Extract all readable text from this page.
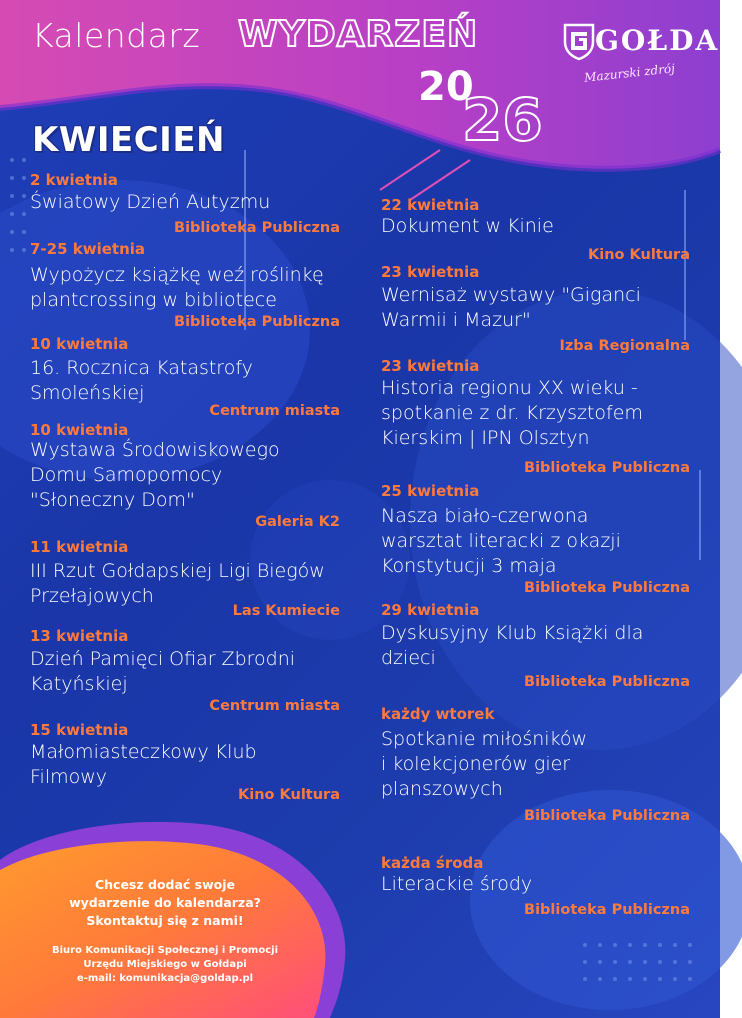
Kalendarz WYDARZEŃ
20
26
GOŁDAP
Mazurski zdrój
KWIECIEŃ
2 kwietnia
Światowy Dzień Autyzmu
Biblioteka Publiczna
7-25 kwietnia
Wypożycz książkę weź roślinkę
plantcrossing w bibliotece
Biblioteka Publiczna
10 kwietnia
16. Rocznica Katastrofy
Smoleńskiej
Centrum miasta
10 kwietnia
Wystawa Środowiskowego
Domu Samopomocy
"Słoneczny Dom"
Galeria K2
11 kwietnia
III Rzut Gołdapskiej Ligi Biegów
Przełajowych
Las Kumiecie
13 kwietnia
Dzień Pamięci Ofiar Zbrodni
Katyńskiej
Centrum miasta
15 kwietnia
Małomiasteczkowy Klub
Filmowy
Kino Kultura
22 kwietnia
Dokument w Kinie
Kino Kultura
23 kwietnia
Wernisaż wystawy "Giganci
Warmii i Mazur"
Izba Regionalna
23 kwietnia
Historia regionu XX wieku -
spotkanie z dr. Krzysztofem
Kierskim | IPN Olsztyn
Biblioteka Publiczna
25 kwietnia
Nasza biało-czerwona
warsztat literacki z okazji
Konstytucji 3 maja
Biblioteka Publiczna
29 kwietnia
Dyskusyjny Klub Książki dla
dzieci
Biblioteka Publiczna
każdy wtorek
Spotkanie miłośników
i kolekcjonerów gier
planszowych
Biblioteka Publiczna
każda środa
Literackie środy
Biblioteka Publiczna
Chcesz dodać swoje
wydarzenie do kalendarza?
Skontaktuj się z nami!
Biuro Komunikacji Społecznej i Promocji
Urzędu Miejskiego w Gołdapi
e-mail: komunikacja@goldap.pl
